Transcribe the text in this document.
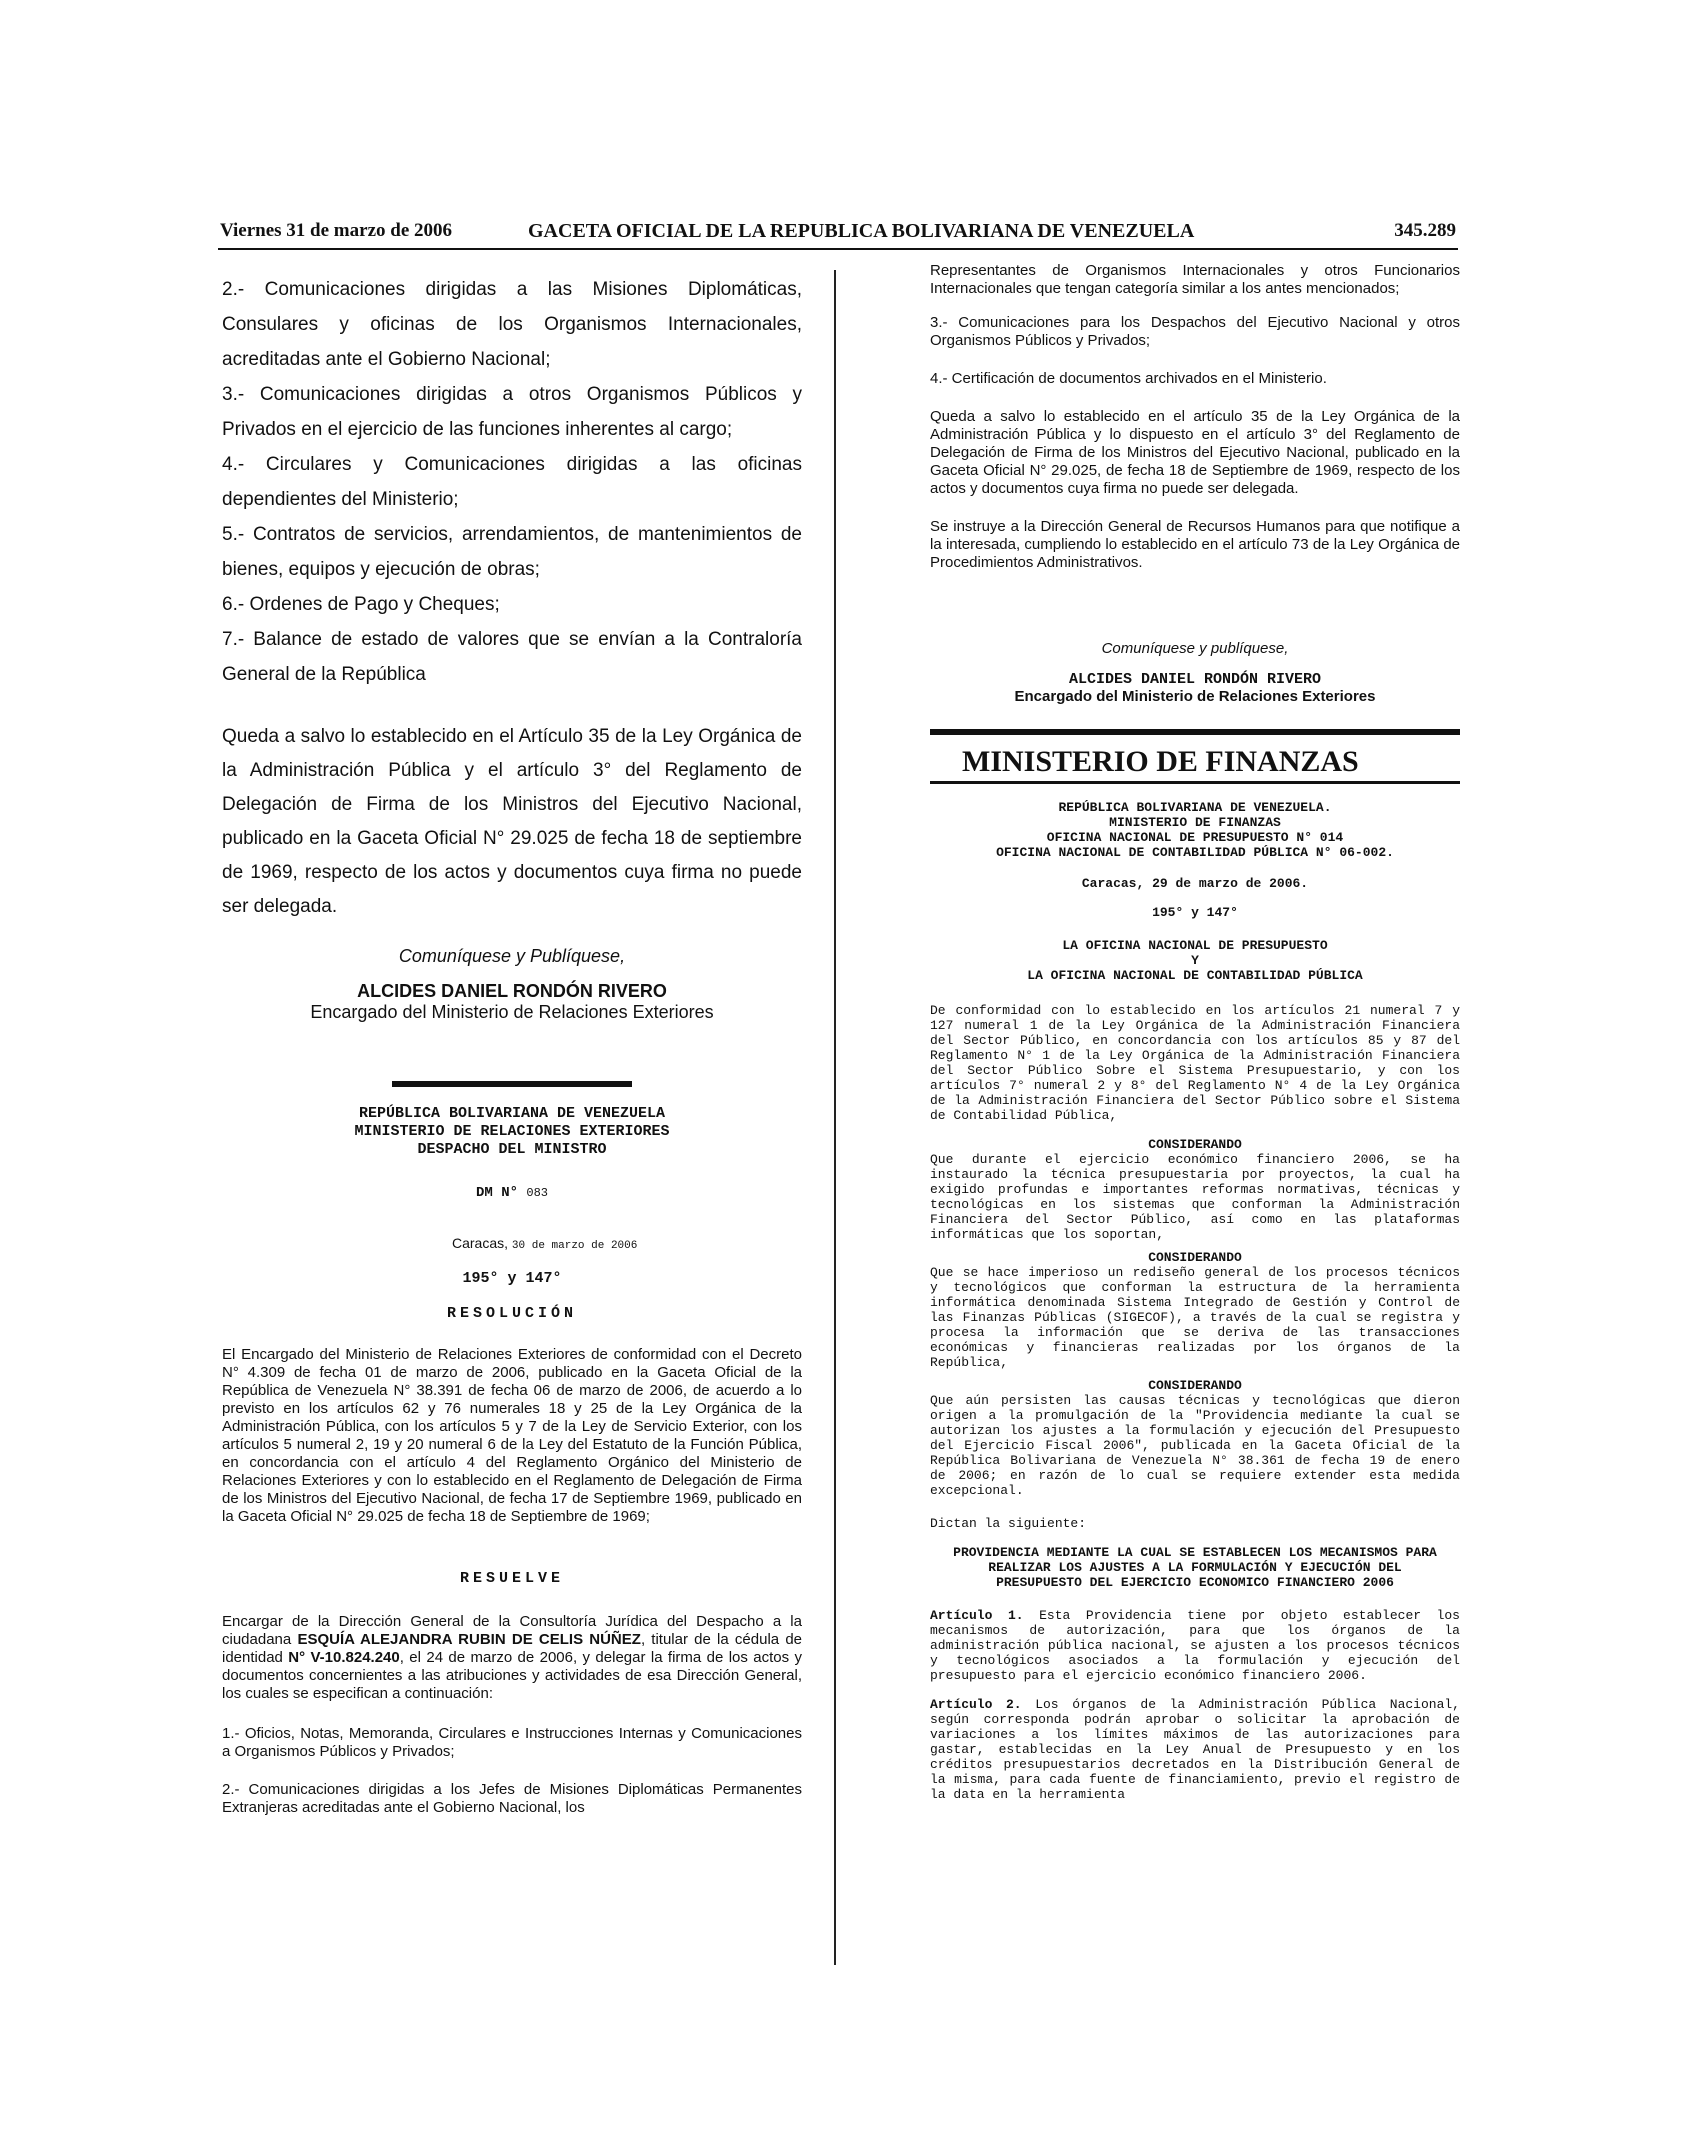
Viernes 31 de marzo de 2006	GACETA OFICIAL DE LA REPUBLICA BOLIVARIANA DE VENEZUELA	345.289

2.- Comunicaciones dirigidas a las Misiones Diplomáticas, Consulares y oficinas de los Organismos Internacionales, acreditadas ante el Gobierno Nacional;

3.- Comunicaciones dirigidas a otros Organismos Públicos y Privados en el ejercicio de las funciones inherentes al cargo;

4.- Circulares y Comunicaciones dirigidas a las oficinas dependientes del Ministerio;

5.- Contratos de servicios, arrendamientos, de mantenimientos de bienes, equipos y ejecución de obras;

6.- Ordenes de Pago y Cheques;

7.- Balance de estado de valores que se envían a la Contraloría General de la República

Queda a salvo lo establecido en el Artículo 35 de la Ley Orgánica de la Administración Pública y el artículo 3° del Reglamento de Delegación de Firma de los Ministros del Ejecutivo Nacional, publicado en la Gaceta Oficial N° 29.025 de fecha 18 de septiembre de 1969, respecto de los actos y documentos cuya firma no puede ser delegada.

Comuníquese y Publíquese,

ALCIDES DANIEL RONDÓN RIVERO

Encargado del Ministerio de Relaciones Exteriores

REPÚBLICA BOLIVARIANA DE VENEZUELA

MINISTERIO DE RELACIONES EXTERIORES

DESPACHO DEL MINISTRO

DM N° 083

Caracas, 30 de marzo de 2006

195° y 147°

RESOLUCIÓN

El Encargado del Ministerio de Relaciones Exteriores de conformidad con el Decreto N° 4.309 de fecha 01 de marzo de 2006, publicado en la Gaceta Oficial de la República de Venezuela N° 38.391 de fecha 06 de marzo de 2006, de acuerdo a lo previsto en los artículos 62 y 76 numerales 18 y 25 de la Ley Orgánica de la Administración Pública, con los artículos 5 y 7 de la Ley de Servicio Exterior, con los artículos 5 numeral 2, 19 y 20 numeral 6 de la Ley del Estatuto de la Función Pública, en concordancia con el artículo 4 del Reglamento Orgánico del Ministerio de Relaciones Exteriores y con lo establecido en el Reglamento de Delegación de Firma de los Ministros del Ejecutivo Nacional, de fecha 17 de Septiembre 1969, publicado en la Gaceta Oficial N° 29.025 de fecha 18 de Septiembre de 1969;

RESUELVE

Encargar de la Dirección General de la Consultoría Jurídica del Despacho a la ciudadana ESQUÍA ALEJANDRA RUBIN DE CELIS NÚÑEZ, titular de la cédula de identidad N° V-10.824.240, el 24 de marzo de 2006, y delegar la firma de los actos y documentos concernientes a las atribuciones y actividades de esa Dirección General, los cuales se especifican a continuación:

1.- Oficios, Notas, Memoranda, Circulares e Instrucciones Internas y Comunicaciones a Organismos Públicos y Privados;

2.- Comunicaciones dirigidas a los Jefes de Misiones Diplomáticas Permanentes Extranjeras acreditadas ante el Gobierno Nacional, los

Representantes de Organismos Internacionales y otros Funcionarios Internacionales que tengan categoría similar a los antes mencionados;

3.- Comunicaciones para los Despachos del Ejecutivo Nacional y otros Organismos Públicos y Privados;

4.- Certificación de documentos archivados en el Ministerio.

Queda a salvo lo establecido en el artículo 35 de la Ley Orgánica de la Administración Pública y lo dispuesto en el artículo 3° del Reglamento de Delegación de Firma de los Ministros del Ejecutivo Nacional, publicado en la Gaceta Oficial N° 29.025, de fecha 18 de Septiembre de 1969, respecto de los actos y documentos cuya firma no puede ser delegada.

Se instruye a la Dirección General de Recursos Humanos para que notifique a la interesada, cumpliendo lo establecido en el artículo 73 de la Ley Orgánica de Procedimientos Administrativos.

Comuníquese y publíquese,

ALCIDES DANIEL RONDÓN RIVERO

Encargado del Ministerio de Relaciones Exteriores

MINISTERIO DE FINANZAS

REPÚBLICA BOLIVARIANA DE VENEZUELA.

MINISTERIO DE FINANZAS

OFICINA NACIONAL DE PRESUPUESTO N° 014

OFICINA NACIONAL DE CONTABILIDAD PÚBLICA N° 06-002.

Caracas, 29 de marzo de 2006.

195° y 147°

LA OFICINA NACIONAL DE PRESUPUESTO

Y

LA OFICINA NACIONAL DE CONTABILIDAD PÚBLICA

De conformidad con lo establecido en los artículos 21 numeral 7 y 127 numeral 1 de la Ley Orgánica de la Administración Financiera del Sector Público, en concordancia con los artículos 85 y 87 del Reglamento N° 1 de la Ley Orgánica de la Administración Financiera del Sector Público Sobre el Sistema Presupuestario, y con los artículos 7° numeral 2 y 8° del Reglamento N° 4 de la Ley Orgánica de la Administración Financiera del Sector Público sobre el Sistema de Contabilidad Pública,

CONSIDERANDO

Que durante el ejercicio económico financiero 2006, se ha instaurado la técnica presupuestaria por proyectos, la cual ha exigido profundas e importantes reformas normativas, técnicas y tecnológicas en los sistemas que conforman la Administración Financiera del Sector Público, así como en las plataformas informáticas que los soportan,

CONSIDERANDO

Que se hace imperioso un rediseño general de los procesos técnicos y tecnológicos que conforman la estructura de la herramienta informática denominada Sistema Integrado de Gestión y Control de las Finanzas Públicas (SIGECOF), a través de la cual se registra y procesa la información que se deriva de las transacciones económicas y financieras realizadas por los órganos de la República,

CONSIDERANDO

Que aún persisten las causas técnicas y tecnológicas que dieron origen a la promulgación de la "Providencia mediante la cual se autorizan los ajustes a la formulación y ejecución del Presupuesto del Ejercicio Fiscal 2006", publicada en la Gaceta Oficial de la República Bolivariana de Venezuela N° 38.361 de fecha 19 de enero de 2006; en razón de lo cual se requiere extender esta medida excepcional.

Dictan la siguiente:

PROVIDENCIA MEDIANTE LA CUAL SE ESTABLECEN LOS MECANISMOS PARA REALIZAR LOS AJUSTES A LA FORMULACIÓN Y EJECUCIÓN DEL PRESUPUESTO DEL EJERCICIO ECONOMICO FINANCIERO 2006

Artículo 1. Esta Providencia tiene por objeto establecer los mecanismos de autorización, para que los órganos de la administración pública nacional, se ajusten a los procesos técnicos y tecnológicos asociados a la formulación y ejecución del presupuesto para el ejercicio económico financiero 2006.

Artículo 2. Los órganos de la Administración Pública Nacional, según corresponda podrán aprobar o solicitar la aprobación de variaciones a los límites máximos de las autorizaciones para gastar, establecidas en la Ley Anual de Presupuesto y en los créditos presupuestarios decretados en la Distribución General de la misma, para cada fuente de financiamiento, previo el registro de la data en la herramienta
